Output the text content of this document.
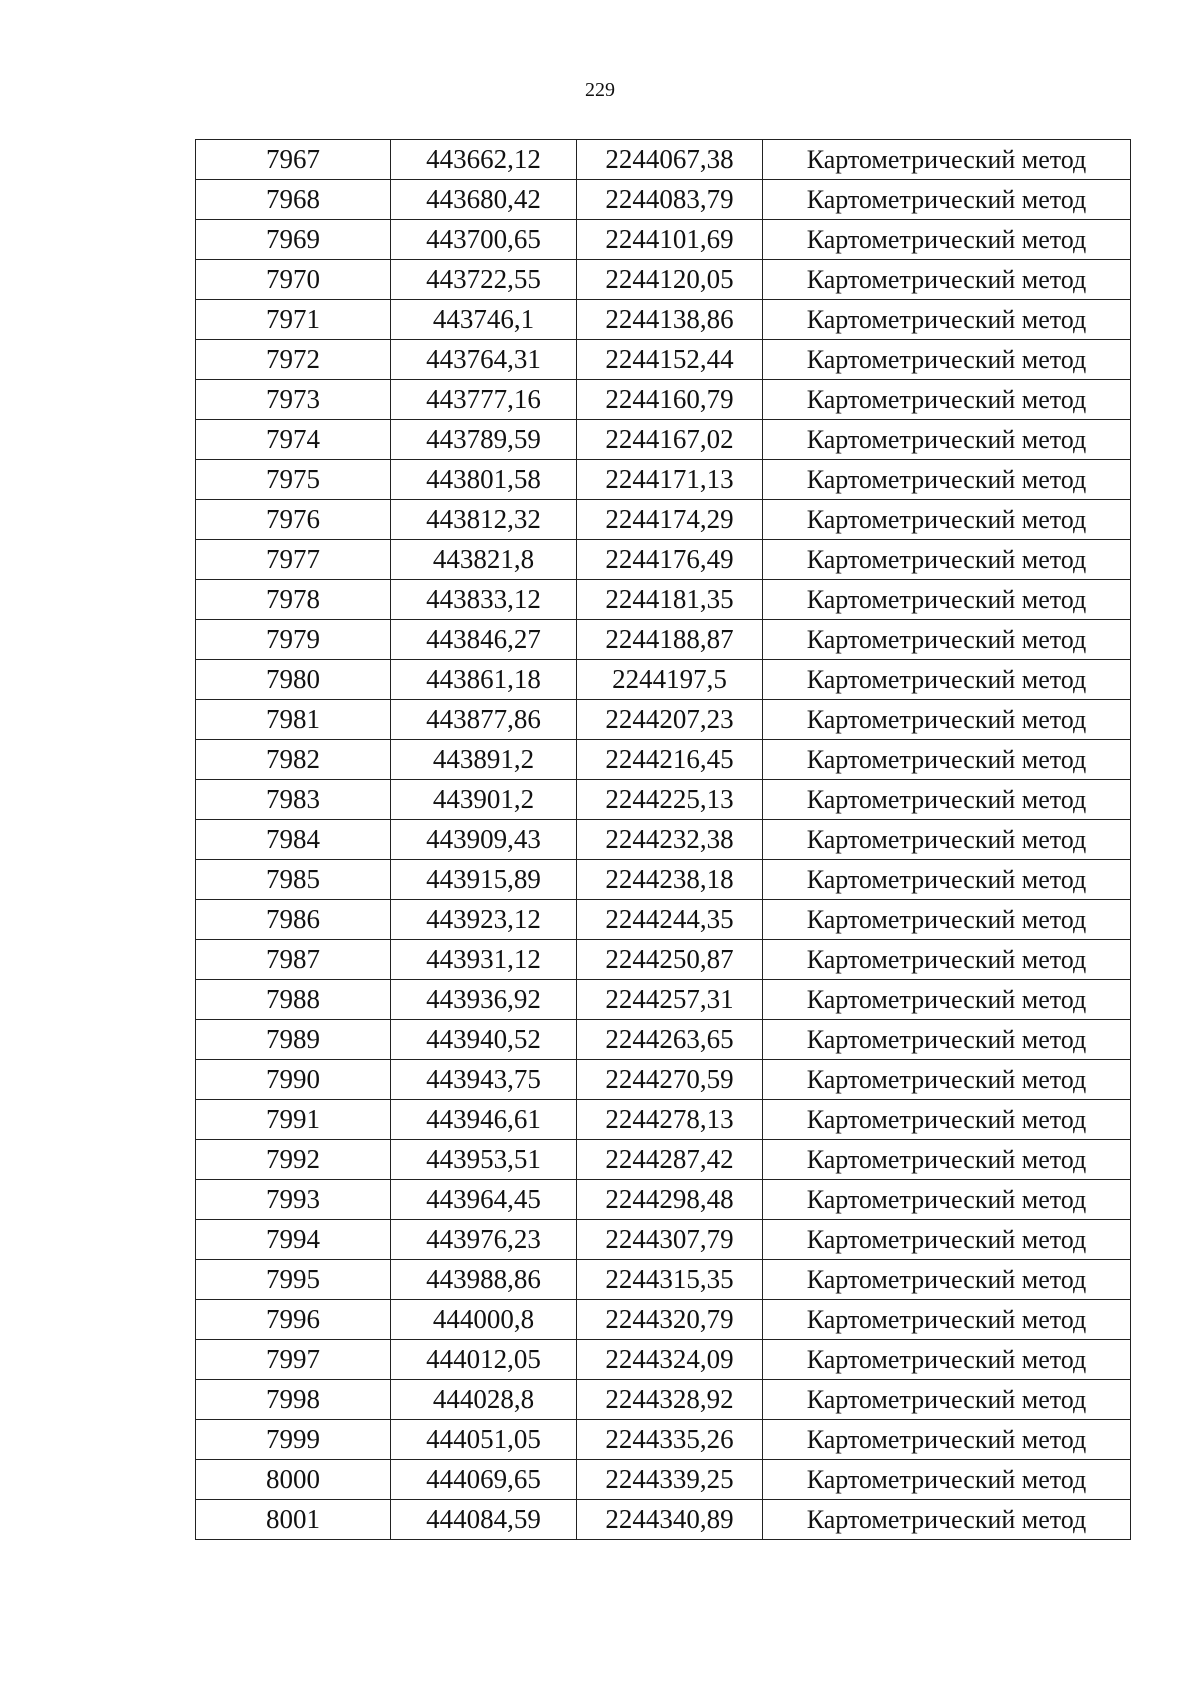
229
7967	443662,12	2244067,38	Картометрический метод
7968	443680,42	2244083,79	Картометрический метод
7969	443700,65	2244101,69	Картометрический метод
7970	443722,55	2244120,05	Картометрический метод
7971	443746,1	2244138,86	Картометрический метод
7972	443764,31	2244152,44	Картометрический метод
7973	443777,16	2244160,79	Картометрический метод
7974	443789,59	2244167,02	Картометрический метод
7975	443801,58	2244171,13	Картометрический метод
7976	443812,32	2244174,29	Картометрический метод
7977	443821,8	2244176,49	Картометрический метод
7978	443833,12	2244181,35	Картометрический метод
7979	443846,27	2244188,87	Картометрический метод
7980	443861,18	2244197,5	Картометрический метод
7981	443877,86	2244207,23	Картометрический метод
7982	443891,2	2244216,45	Картометрический метод
7983	443901,2	2244225,13	Картометрический метод
7984	443909,43	2244232,38	Картометрический метод
7985	443915,89	2244238,18	Картометрический метод
7986	443923,12	2244244,35	Картометрический метод
7987	443931,12	2244250,87	Картометрический метод
7988	443936,92	2244257,31	Картометрический метод
7989	443940,52	2244263,65	Картометрический метод
7990	443943,75	2244270,59	Картометрический метод
7991	443946,61	2244278,13	Картометрический метод
7992	443953,51	2244287,42	Картометрический метод
7993	443964,45	2244298,48	Картометрический метод
7994	443976,23	2244307,79	Картометрический метод
7995	443988,86	2244315,35	Картометрический метод
7996	444000,8	2244320,79	Картометрический метод
7997	444012,05	2244324,09	Картометрический метод
7998	444028,8	2244328,92	Картометрический метод
7999	444051,05	2244335,26	Картометрический метод
8000	444069,65	2244339,25	Картометрический метод
8001	444084,59	2244340,89	Картометрический метод
